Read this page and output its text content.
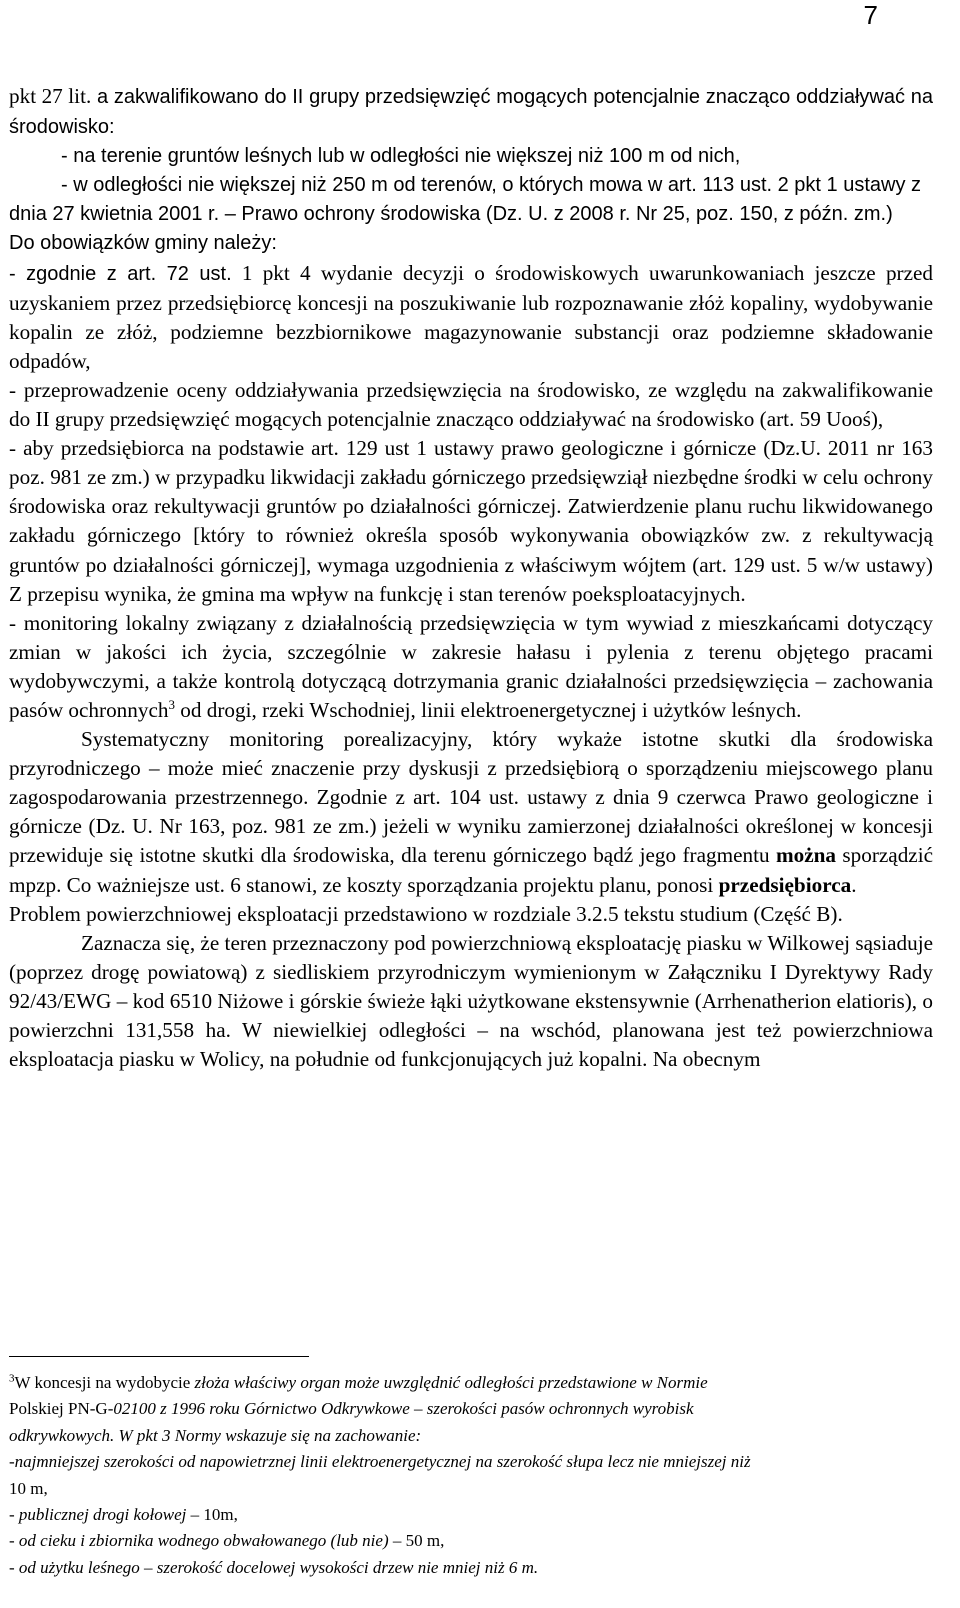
7

pkt 27 lit. a zakwalifikowano do II grupy przedsięwzięć mogących potencjalnie znacząco oddziaływać na środowisko:

- na terenie gruntów leśnych lub w odległości nie większej niż 100 m od nich,

- w odległości nie większej niż 250 m od terenów, o których mowa w art. 113 ust. 2 pkt 1 ustawy z dnia 27 kwietnia 2001 r. – Prawo ochrony środowiska (Dz. U. z 2008 r. Nr 25, poz. 150, z późn. zm.)

Do obowiązków gminy należy:

- zgodnie z art. 72 ust. 1 pkt 4 wydanie decyzji o środowiskowych uwarunkowaniach jeszcze przed uzyskaniem przez przedsiębiorcę koncesji na poszukiwanie lub rozpoznawanie złóż kopaliny, wydobywanie kopalin ze złóż, podziemne bezzbiornikowe magazynowanie substancji oraz podziemne składowanie odpadów,

- przeprowadzenie oceny oddziaływania przedsięwzięcia na środowisko, ze względu na zakwalifikowanie do II grupy przedsięwzięć mogących potencjalnie znacząco oddziaływać na środowisko (art. 59 Uooś),

- aby przedsiębiorca na podstawie art. 129 ust 1 ustawy prawo geologiczne i górnicze (Dz.U. 2011 nr 163 poz. 981 ze zm.) w przypadku likwidacji zakładu górniczego przedsięwziął niezbędne środki w celu ochrony środowiska oraz rekultywacji gruntów po działalności górniczej. Zatwierdzenie planu ruchu likwidowanego zakładu górniczego [który to również określa sposób wykonywania obowiązków zw. z rekultywacją gruntów po działalności górniczej], wymaga uzgodnienia z właściwym wójtem (art. 129 ust. 5 w/w ustawy) Z przepisu wynika, że gmina ma wpływ na funkcję i stan terenów poeksploatacyjnych.

- monitoring lokalny związany z działalnością przedsięwzięcia w tym wywiad z mieszkańcami dotyczący zmian w jakości ich życia, szczególnie w zakresie hałasu i pylenia z terenu objętego pracami wydobywczymi, a także kontrolą dotyczącą dotrzymania granic działalności przedsięwzięcia – zachowania pasów ochronnych$^3$ od drogi, rzeki Wschodniej, linii elektroenergetycznej i użytków leśnych.

Systematyczny monitoring porealizacyjny, który wykaże istotne skutki dla środowiska przyrodniczego – może mieć znaczenie przy dyskusji z przedsiębiorą o sporządzeniu miejscowego planu zagospodarowania przestrzennego. Zgodnie z art. 104 ust. ustawy z dnia 9 czerwca Prawo geologiczne i górnicze (Dz. U. Nr 163, poz. 981 ze zm.) jeżeli w wyniku zamierzonej działalności określonej w koncesji przewiduje się istotne skutki dla środowiska, dla terenu górniczego bądź jego fragmentu można sporządzić mpzp. Co ważniejsze ust. 6 stanowi, ze koszty sporządzania projektu planu, ponosi przedsiębiorca.

Problem powierzchniowej eksploatacji przedstawiono w rozdziale 3.2.5 tekstu studium (Część B).

Zaznacza się, że teren przeznaczony pod powierzchniową eksploatację piasku w Wilkowej sąsiaduje (poprzez drogę powiatową) z siedliskiem przyrodniczym wymienionym w Załączniku I Dyrektywy Rady 92/43/EWG – kod 6510 Niżowe i górskie świeże łąki użytkowane ekstensywnie (Arrhenatherion elatioris), o powierzchni 131,558 ha. W niewielkiej odległości – na wschód, planowana jest też powierzchniowa eksploatacja piasku w Wolicy, na południe od funkcjonujących już kopalni. Na obecnym

$^3$W koncesji na wydobycie złoża właściwy organ może uwzględnić odległości przedstawione w Normie

Polskiej PN-G-02100 z 1996 roku Górnictwo Odkrywkowe – szerokości pasów ochronnych wyrobisk

odkrywkowych. W pkt 3 Normy wskazuje się na zachowanie:

-najmniejszej szerokości od napowietrznej linii elektroenergetycznej na szerokość słupa lecz nie mniejszej niż

10 m,

- publicznej drogi kołowej – 10m,

- od cieku i zbiornika wodnego obwałowanego (lub nie) – 50 m,

- od użytku leśnego – szerokość docelowej wysokości drzew nie mniej niż 6 m.
